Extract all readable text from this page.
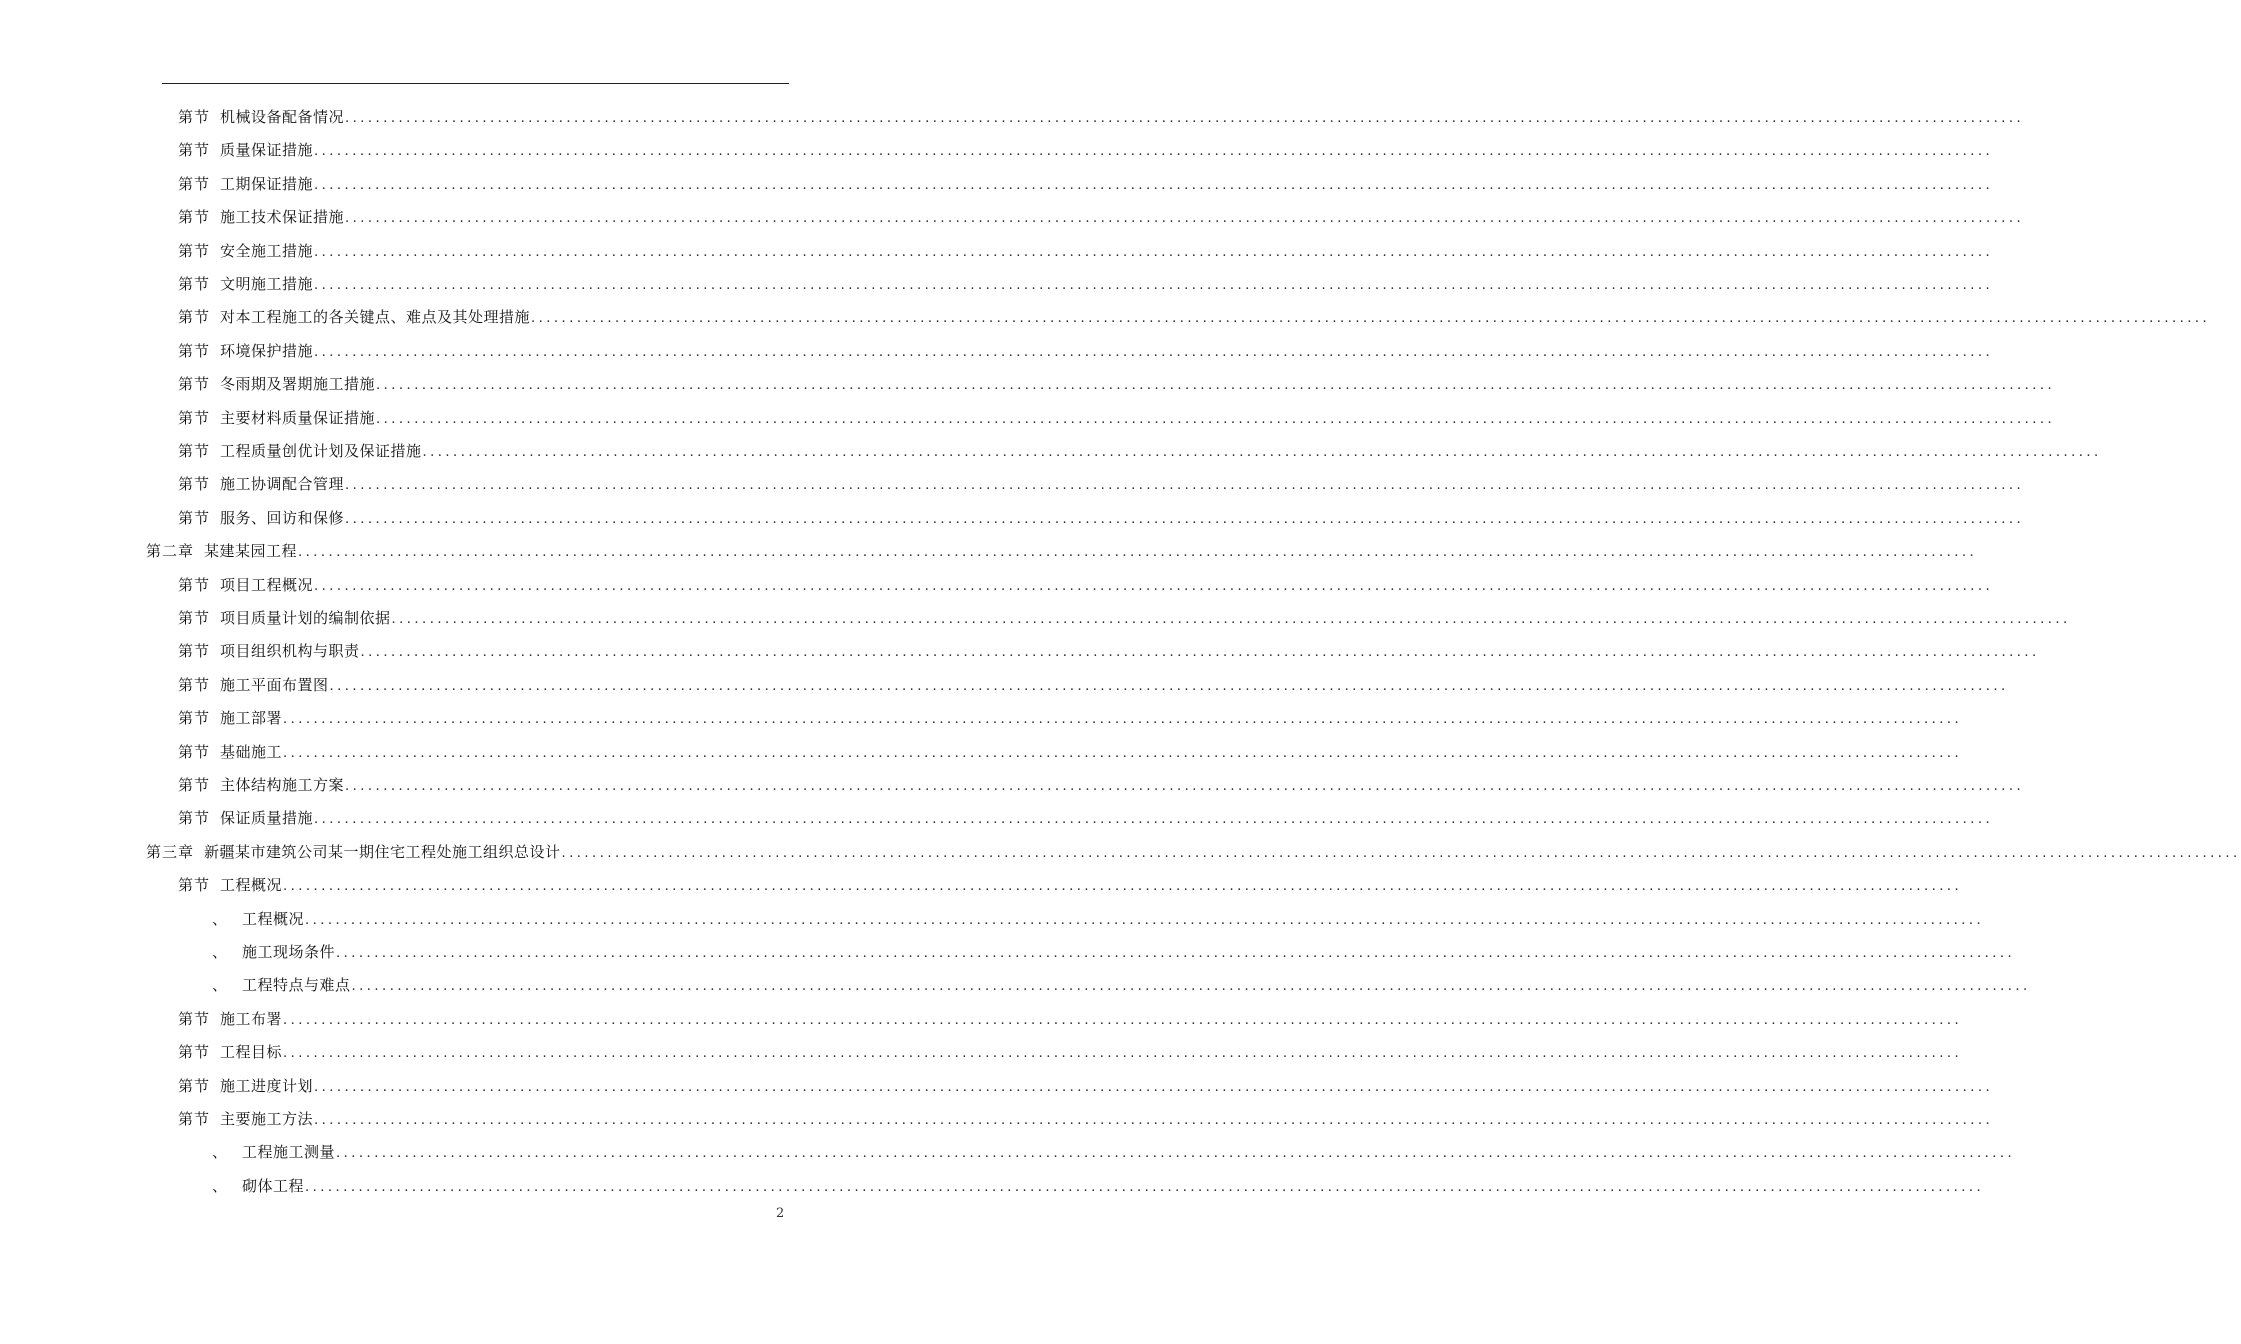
第节 机械设备配备情况 ............................................................................................................................................................................................................................
第节 质量保证措施 ............................................................................................................................................................................................................................
第节 工期保证措施 ............................................................................................................................................................................................................................
第节 施工技术保证措施 ............................................................................................................................................................................................................................
第节 安全施工措施 ............................................................................................................................................................................................................................
第节 文明施工措施 ............................................................................................................................................................................................................................
第节 对本工程施工的各关键点、难点及其处理措施 ............................................................................................................................................................................................................................
第节 环境保护措施 ............................................................................................................................................................................................................................
第节 冬雨期及署期施工措施 ............................................................................................................................................................................................................................
第节 主要材料质量保证措施 ............................................................................................................................................................................................................................
第节 工程质量创优计划及保证措施 ............................................................................................................................................................................................................................
第节 施工协调配合管理 ............................................................................................................................................................................................................................
第节 服务、回访和保修 ............................................................................................................................................................................................................................
第二章 某建某园工程 ............................................................................................................................................................................................................................
第节 项目工程概况 ............................................................................................................................................................................................................................
第节 项目质量计划的编制依据 ............................................................................................................................................................................................................................
第节 项目组织机构与职责 ............................................................................................................................................................................................................................
第节 施工平面布置图 ............................................................................................................................................................................................................................
第节 施工部署 ............................................................................................................................................................................................................................
第节 基础施工 ............................................................................................................................................................................................................................
第节 主体结构施工方案 ............................................................................................................................................................................................................................
第节 保证质量措施 ............................................................................................................................................................................................................................
第三章 新疆某市建筑公司某一期住宅工程处施工组织总设计 ............................................................................................................................................................................................................................
第节 工程概况 ............................................................................................................................................................................................................................
、 工程概况 ............................................................................................................................................................................................................................
、 施工现场条件 ............................................................................................................................................................................................................................
、 工程特点与难点 ............................................................................................................................................................................................................................
第节 施工布署 ............................................................................................................................................................................................................................
第节 工程目标 ............................................................................................................................................................................................................................
第节 施工进度计划 ............................................................................................................................................................................................................................
第节 主要施工方法 ............................................................................................................................................................................................................................
、 工程施工测量 ............................................................................................................................................................................................................................
、 砌体工程 ............................................................................................................................................................................................................................
2
